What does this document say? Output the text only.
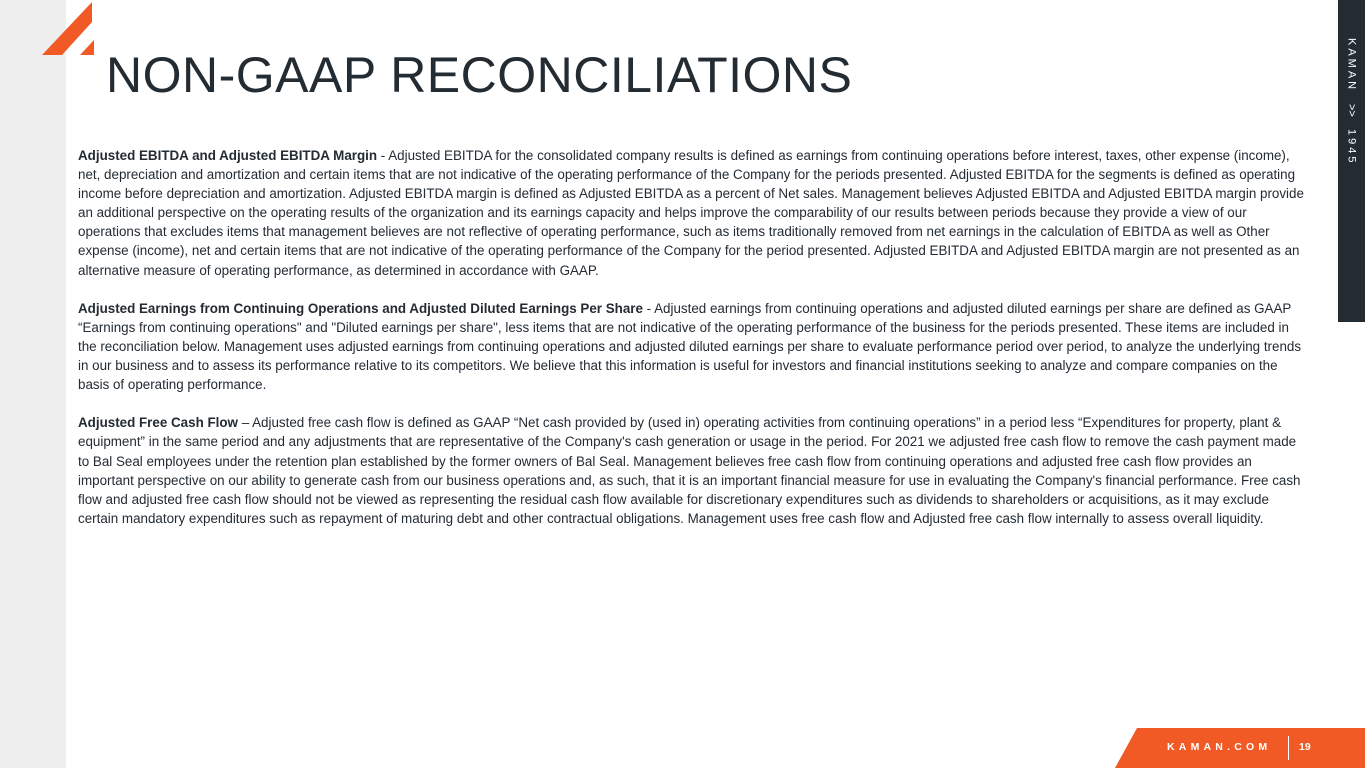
NON-GAAP RECONCILIATIONS

Adjusted EBITDA and Adjusted EBITDA Margin - Adjusted EBITDA for the consolidated company results is defined as earnings from continuing operations before interest, taxes, other expense (income), net, depreciation and amortization and certain items that are not indicative of the operating performance of the Company for the periods presented. Adjusted EBITDA for the segments is defined as operating income before depreciation and amortization. Adjusted EBITDA margin is defined as Adjusted EBITDA as a percent of Net sales. Management believes Adjusted EBITDA and Adjusted EBITDA margin provide an additional perspective on the operating results of the organization and its earnings capacity and helps improve the comparability of our results between periods because they provide a view of our operations that excludes items that management believes are not reflective of operating performance, such as items traditionally removed from net earnings in the calculation of EBITDA as well as Other expense (income), net and certain items that are not indicative of the operating performance of the Company for the period presented. Adjusted EBITDA and Adjusted EBITDA margin are not presented as an alternative measure of operating performance, as determined in accordance with GAAP.

Adjusted Earnings from Continuing Operations and Adjusted Diluted Earnings Per Share - Adjusted earnings from continuing operations and adjusted diluted earnings per share are defined as GAAP “Earnings from continuing operations" and "Diluted earnings per share", less items that are not indicative of the operating performance of the business for the periods presented. These items are included in the reconciliation below. Management uses adjusted earnings from continuing operations and adjusted diluted earnings per share to evaluate performance period over period, to analyze the underlying trends in our business and to assess its performance relative to its competitors. We believe that this information is useful for investors and financial institutions seeking to analyze and compare companies on the basis of operating performance.

Adjusted Free Cash Flow – Adjusted free cash flow is defined as GAAP “Net cash provided by (used in) operating activities from continuing operations” in a period less “Expenditures for property, plant & equipment” in the same period and any adjustments that are representative of the Company's cash generation or usage in the period. For 2021 we adjusted free cash flow to remove the cash payment made to Bal Seal employees under the retention plan established by the former owners of Bal Seal. Management believes free cash flow from continuing operations and adjusted free cash flow provides an important perspective on our ability to generate cash from our business operations and, as such, that it is an important financial measure for use in evaluating the Company's financial performance. Free cash flow and adjusted free cash flow should not be viewed as representing the residual cash flow available for discretionary expenditures such as dividends to shareholders or acquisitions, as it may exclude certain mandatory expenditures such as repayment of maturing debt and other contractual obligations. Management uses free cash flow and Adjusted free cash flow internally to assess overall liquidity.

KAMAN>>1945
KAMAN.COM	19
